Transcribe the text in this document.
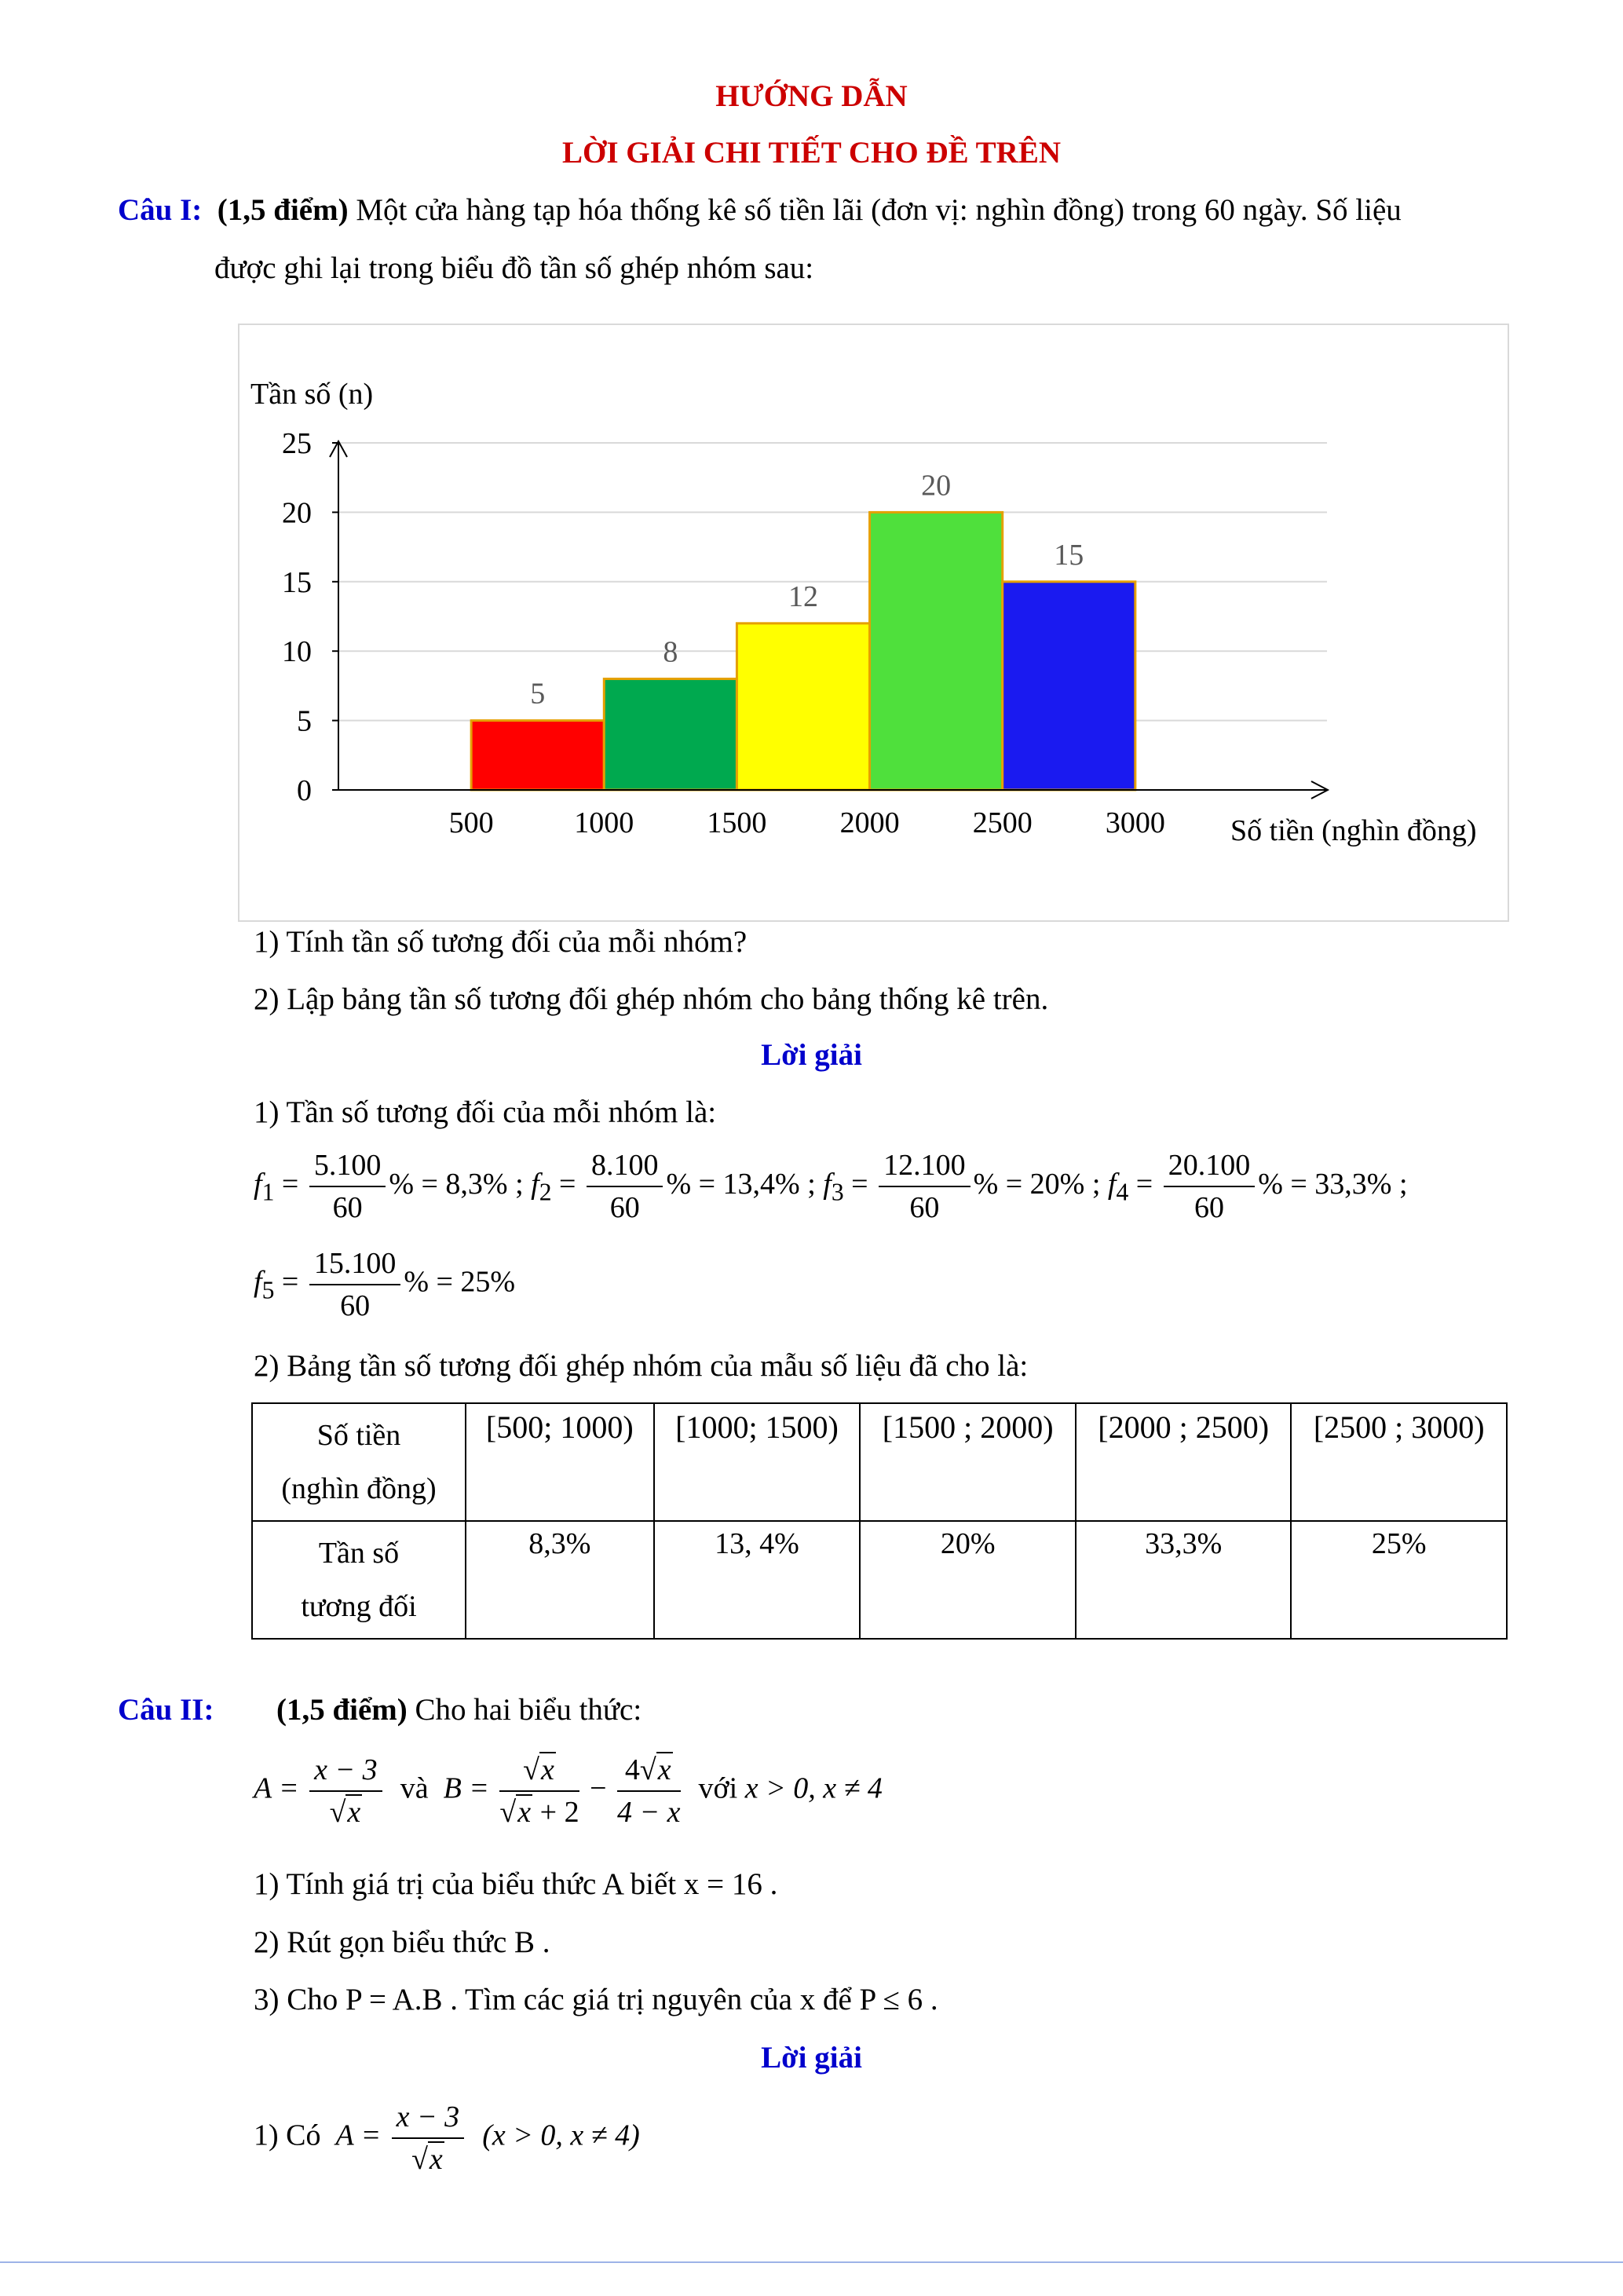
HƯỚNG DẪN
LỜI GIẢI CHI TIẾT CHO ĐỀ TRÊN
Câu I: (1,5 điểm) Một cửa hàng tạp hóa thống kê số tiền lãi (đơn vị: nghìn đồng) trong 60 ngày. Số liệu
được ghi lại trong biểu đồ tần số ghép nhóm sau:
5
8
12
20
15
0
5
10
15
20
25
500	1000 1500 2000 2500 3000
Tần số (n)
Số tiền (nghìn đồng)
1) Tính tần số tương đối của mỗi nhóm?
2) Lập bảng tần số tương đối ghép nhóm cho bảng thống kê trên.
Lời giải
1) Tần số tương đối của mỗi nhóm là:
$f_1 = \frac{5.100}{60}$ % = 8,3% ; $f_2 = \frac{8.100}{60}$ % = 13,4% ; $f_3 = \frac{12.100}{60}$ % = 20% ; $f_4 = \frac{20.100}{60}$ % = 33,3% ;
$f_5 = \frac{15.100}{60}$ % = 25%
2) Bảng tần số tương đối ghép nhóm của mẫu số liệu đã cho là:
Số tiền
(nghìn đồng)	[500; 1000)	[1000; 1500)	[1500 ; 2000)	[2000 ; 2500)	[2500 ; 3000)
Tần số
tương đối	8,3%	13, 4%	20%	33,3%	25%
Câu II: (1,5 điểm) Cho hai biểu thức:
$A = \frac{x - 3}{√x}$ và $B = \frac{√x}{√x + 2} - \frac{4√x}{4 - x}$ với x > 0, x ≠ 4
1) Tính giá trị của biểu thức A biết x = 16 .
2) Rút gọn biểu thức B .
3) Cho P = A.B . Tìm các giá trị nguyên của x để P ≤ 6 .
Lời giải
1) Có $A = \frac{x - 3}{√x} (x > 0$, x ≠ 4)
